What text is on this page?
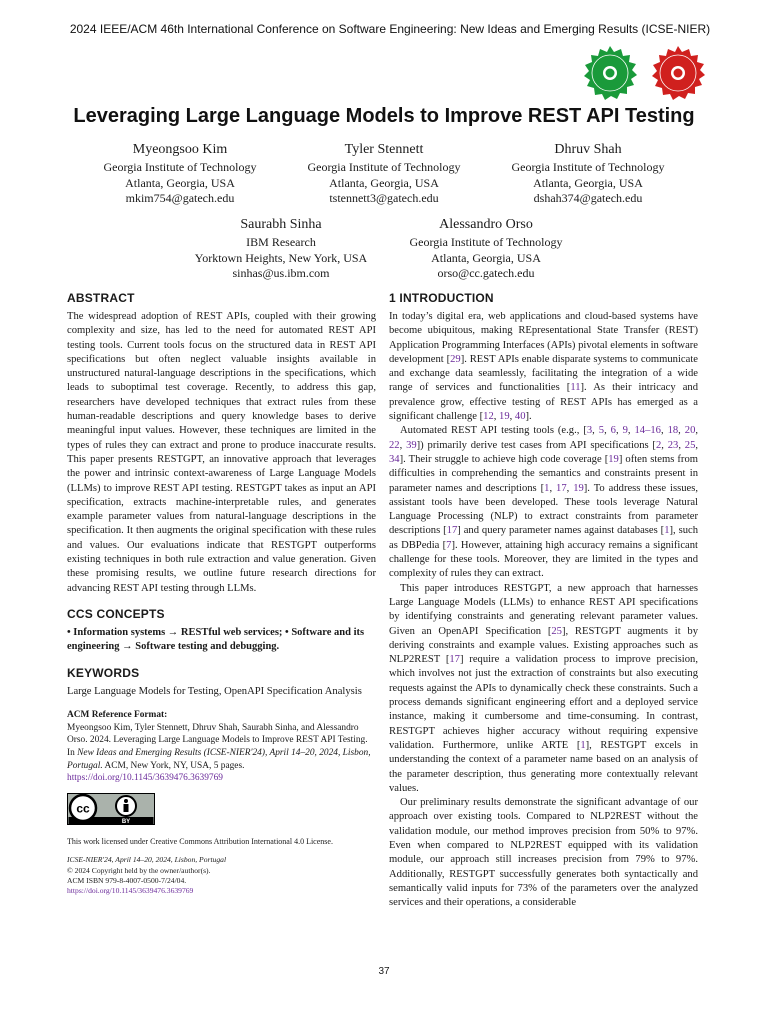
2024 IEEE/ACM 46th International Conference on Software Engineering: New Ideas and Emerging Results (ICSE-NIER)
Leveraging Large Language Models to Improve REST API Testing
Myeongsoo Kim
Georgia Institute of Technology
Atlanta, Georgia, USA
mkim754@gatech.edu
Tyler Stennett
Georgia Institute of Technology
Atlanta, Georgia, USA
tstennett3@gatech.edu
Dhruv Shah
Georgia Institute of Technology
Atlanta, Georgia, USA
dshah374@gatech.edu
Saurabh Sinha
IBM Research
Yorktown Heights, New York, USA
sinhas@us.ibm.com
Alessandro Orso
Georgia Institute of Technology
Atlanta, Georgia, USA
orso@cc.gatech.edu
ABSTRACT

The widespread adoption of REST APIs, coupled with their growing complexity and size, has led to the need for automated REST API testing tools. Current tools focus on the structured data in REST API specifications but often neglect valuable insights available in unstructured natural-language descriptions in the specifications, which leads to suboptimal test coverage. Recently, to address this gap, researchers have developed techniques that extract rules from these human-readable descriptions and query knowledge bases to derive meaningful input values. However, these techniques are limited in the types of rules they can extract and prone to produce inaccurate results. This paper presents RESTGPT, an innovative approach that leverages the power and intrinsic context-awareness of Large Language Models (LLMs) to improve REST API testing. RESTGPT takes as input an API specification, extracts machine-interpretable rules, and generates example parameter values from natural-language descriptions in the specification. It then augments the original specification with these rules and values. Our evaluations indicate that RESTGPT outperforms existing techniques in both rule extraction and value generation. Given these promising results, we outline future research directions for advancing REST API testing through LLMs.

CCS CONCEPTS

• Information systems → RESTful web services; • Software and its engineering → Software testing and debugging.

KEYWORDS

Large Language Models for Testing, OpenAPI Specification Analysis

ACM Reference Format:
Myeongsoo Kim, Tyler Stennett, Dhruv Shah, Saurabh Sinha, and Alessandro Orso. 2024. Leveraging Large Language Models to Improve REST API Testing. In New Ideas and Emerging Results (ICSE-NIER'24), April 14–20, 2024, Lisbon, Portugal. ACM, New York, NY, USA, 5 pages. https://doi.org/10.1145/3639476.3639769
cc
BY
This work licensed under Creative Commons Attribution International 4.0 License.
ICSE-NIER'24, April 14–20, 2024, Lisbon, Portugal
© 2024 Copyright held by the owner/author(s).
ACM ISBN 979-8-4007-0500-7/24/04.
https://doi.org/10.1145/3639476.3639769
1 INTRODUCTION

In today’s digital era, web applications and cloud-based systems have become ubiquitous, making REpresentational State Transfer (REST) Application Programming Interfaces (APIs) pivotal elements in software development [29]. REST APIs enable disparate systems to communicate and exchange data seamlessly, facilitating the integration of a wide range of services and functionalities [11]. As their intricacy and prevalence grow, effective testing of REST APIs has emerged as a significant challenge [12, 19, 40].

Automated REST API testing tools (e.g., [3, 5, 6, 9, 14–16, 18, 20, 22, 39]) primarily derive test cases from API specifications [2, 23, 25, 34]. Their struggle to achieve high code coverage [19] often stems from difficulties in comprehending the semantics and constraints present in parameter names and descriptions [1, 17, 19]. To address these issues, assistant tools have been developed. These tools leverage Natural Language Processing (NLP) to extract constraints from parameter descriptions [17] and query parameter names against databases [1], such as DBPedia [7]. However, attaining high accuracy remains a significant challenge for these tools. Moreover, they are limited in the types and complexity of rules they can extract.

This paper introduces RESTGPT, a new approach that harnesses Large Language Models (LLMs) to enhance REST API specifications by identifying constraints and generating relevant parameter values. Given an OpenAPI Specification [25], RESTGPT augments it by deriving constraints and example values. Existing approaches such as NLP2REST [17] require a validation process to improve precision, which involves not just the extraction of constraints but also executing requests against the APIs to dynamically check these constraints. Such a process demands significant engineering effort and a deployed service instance, making it cumbersome and time-consuming. In contrast, RESTGPT achieves higher accuracy without requiring expensive validation. Furthermore, unlike ARTE [1], RESTGPT excels in understanding the context of a parameter name based on an analysis of the parameter description, thus generating more contextually relevant values.

Our preliminary results demonstrate the significant advantage of our approach over existing tools. Compared to NLP2REST without the validation module, our method improves precision from 50% to 97%. Even when compared to NLP2REST equipped with its validation module, our approach still increases precision from 79% to 97%. Additionally, RESTGPT successfully generates both syntactically and semantically valid inputs for 73% of the parameters over the analyzed services and their operations, a considerable

37
